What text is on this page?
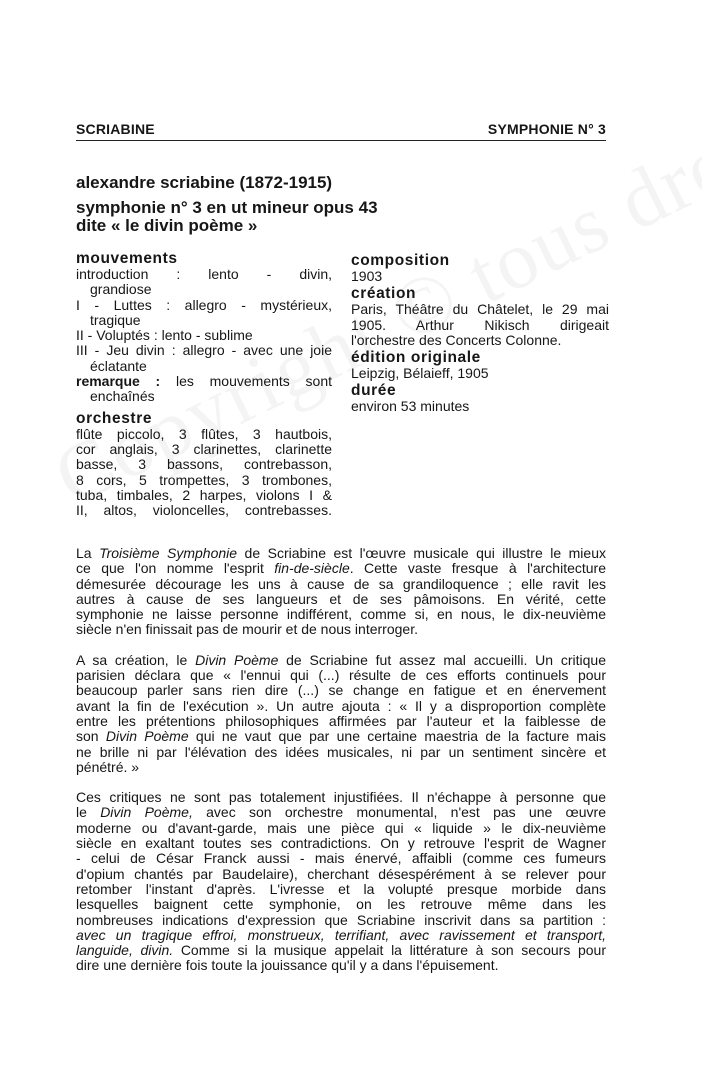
SCRIABINE	SYMPHONIE N° 3
alexandre scriabine (1872-1915)
symphonie n° 3 en ut mineur opus 43
dite « le divin poème »
mouvements
introduction : lento - divin,
grandiose
I - Luttes : allegro - mystérieux,
tragique
II - Voluptés : lento - sublime
III - Jeu divin : allegro - avec une joie
éclatante
remarque : les mouvements sont
enchaînés
orchestre
flûte piccolo, 3 flûtes, 3 hautbois,
cor anglais, 3 clarinettes, clarinette
basse, 3 bassons, contrebasson,
8 cors, 5 trompettes, 3 trombones,
tuba, timbales, 2 harpes, violons I &
II, altos, violoncelles, contrebasses.
composition
1903
création
Paris, Théâtre du Châtelet, le 29 mai
1905. Arthur Nikisch dirigeait
l'orchestre des Concerts Colonne.
édition originale
Leipzig, Bélaieff, 1905
durée
environ 53 minutes
La Troisième Symphonie de Scriabine est l'œuvre musicale qui illustre le mieux
ce que l'on nomme l'esprit fin-de-siècle. Cette vaste fresque à l'architecture
démesurée décourage les uns à cause de sa grandiloquence ; elle ravit les
autres à cause de ses langueurs et de ses pâmoisons. En vérité, cette
symphonie ne laisse personne indifférent, comme si, en nous, le dix-neuvième
siècle n'en finissait pas de mourir et de nous interroger.
A sa création, le Divin Poème de Scriabine fut assez mal accueilli. Un critique
parisien déclara que « l'ennui qui (...) résulte de ces efforts continuels pour
beaucoup parler sans rien dire (...) se change en fatigue et en énervement
avant la fin de l'exécution ». Un autre ajouta : « Il y a disproportion complète
entre les prétentions philosophiques affirmées par l'auteur et la faiblesse de
son Divin Poème qui ne vaut que par une certaine maestria de la facture mais
ne brille ni par l'élévation des idées musicales, ni par un sentiment sincère et
pénétré. »
Ces critiques ne sont pas totalement injustifiées. Il n'échappe à personne que
le Divin Poème, avec son orchestre monumental, n'est pas une œuvre
moderne ou d'avant-garde, mais une pièce qui « liquide » le dix-neuvième
siècle en exaltant toutes ses contradictions. On y retrouve l'esprit de Wagner
- celui de César Franck aussi - mais énervé, affaibli (comme ces fumeurs
d'opium chantés par Baudelaire), cherchant désespérément à se relever pour
retomber l'instant d'après. L'ivresse et la volupté presque morbide dans
lesquelles baignent cette symphonie, on les retrouve même dans les
nombreuses indications d'expression que Scriabine inscrivit dans sa partition :
avec un tragique effroi, monstrueux, terrifiant, avec ravissement et transport,
languide, divin. Comme si la musique appelait la littérature à son secours pour
dire une dernière fois toute la jouissance qu'il y a dans l'épuisement.
